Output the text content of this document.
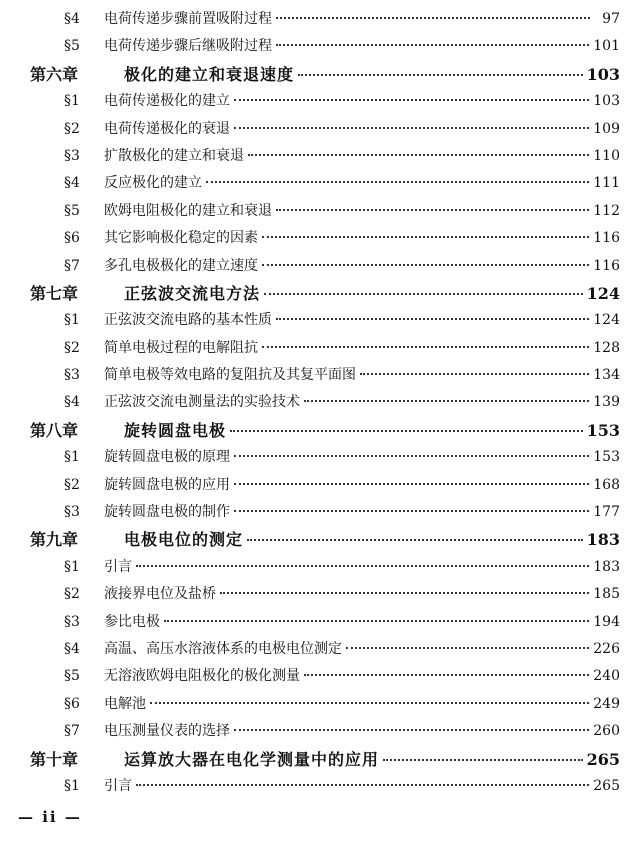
§4	电荷传递步骤前置吸附过程	97
§5	电荷传递步骤后继吸附过程	101
第六章	极化的建立和衰退速度	103
§1	电荷传递极化的建立	103
§2	电荷传递极化的衰退	109
§3	扩散极化的建立和衰退	110
§4	反应极化的建立	111
§5	欧姆电阻极化的建立和衰退	112
§6	其它影响极化稳定的因素	116
§7	多孔电极极化的建立速度	116
第七章	正弦波交流电方法	124
§1	正弦波交流电路的基本性质	124
§2	简单电极过程的电解阻抗	128
§3	简单电极等效电路的复阻抗及其复平面图	134
§4	正弦波交流电测量法的实验技术	139
第八章	旋转圆盘电极	153
§1	旋转圆盘电极的原理	153
§2	旋转圆盘电极的应用	168
§3	旋转圆盘电极的制作	177
第九章	电极电位的测定	183
§1	引言	183
§2	液接界电位及盐桥	185
§3	参比电极	194
§4	高温、高压水溶液体系的电极电位测定	226
§5	无溶液欧姆电阻极化的极化测量	240
§6	电解池	249
§7	电压测量仪表的选择	260
第十章	运算放大器在电化学测量中的应用	265
§1	引言	265
— ii —
